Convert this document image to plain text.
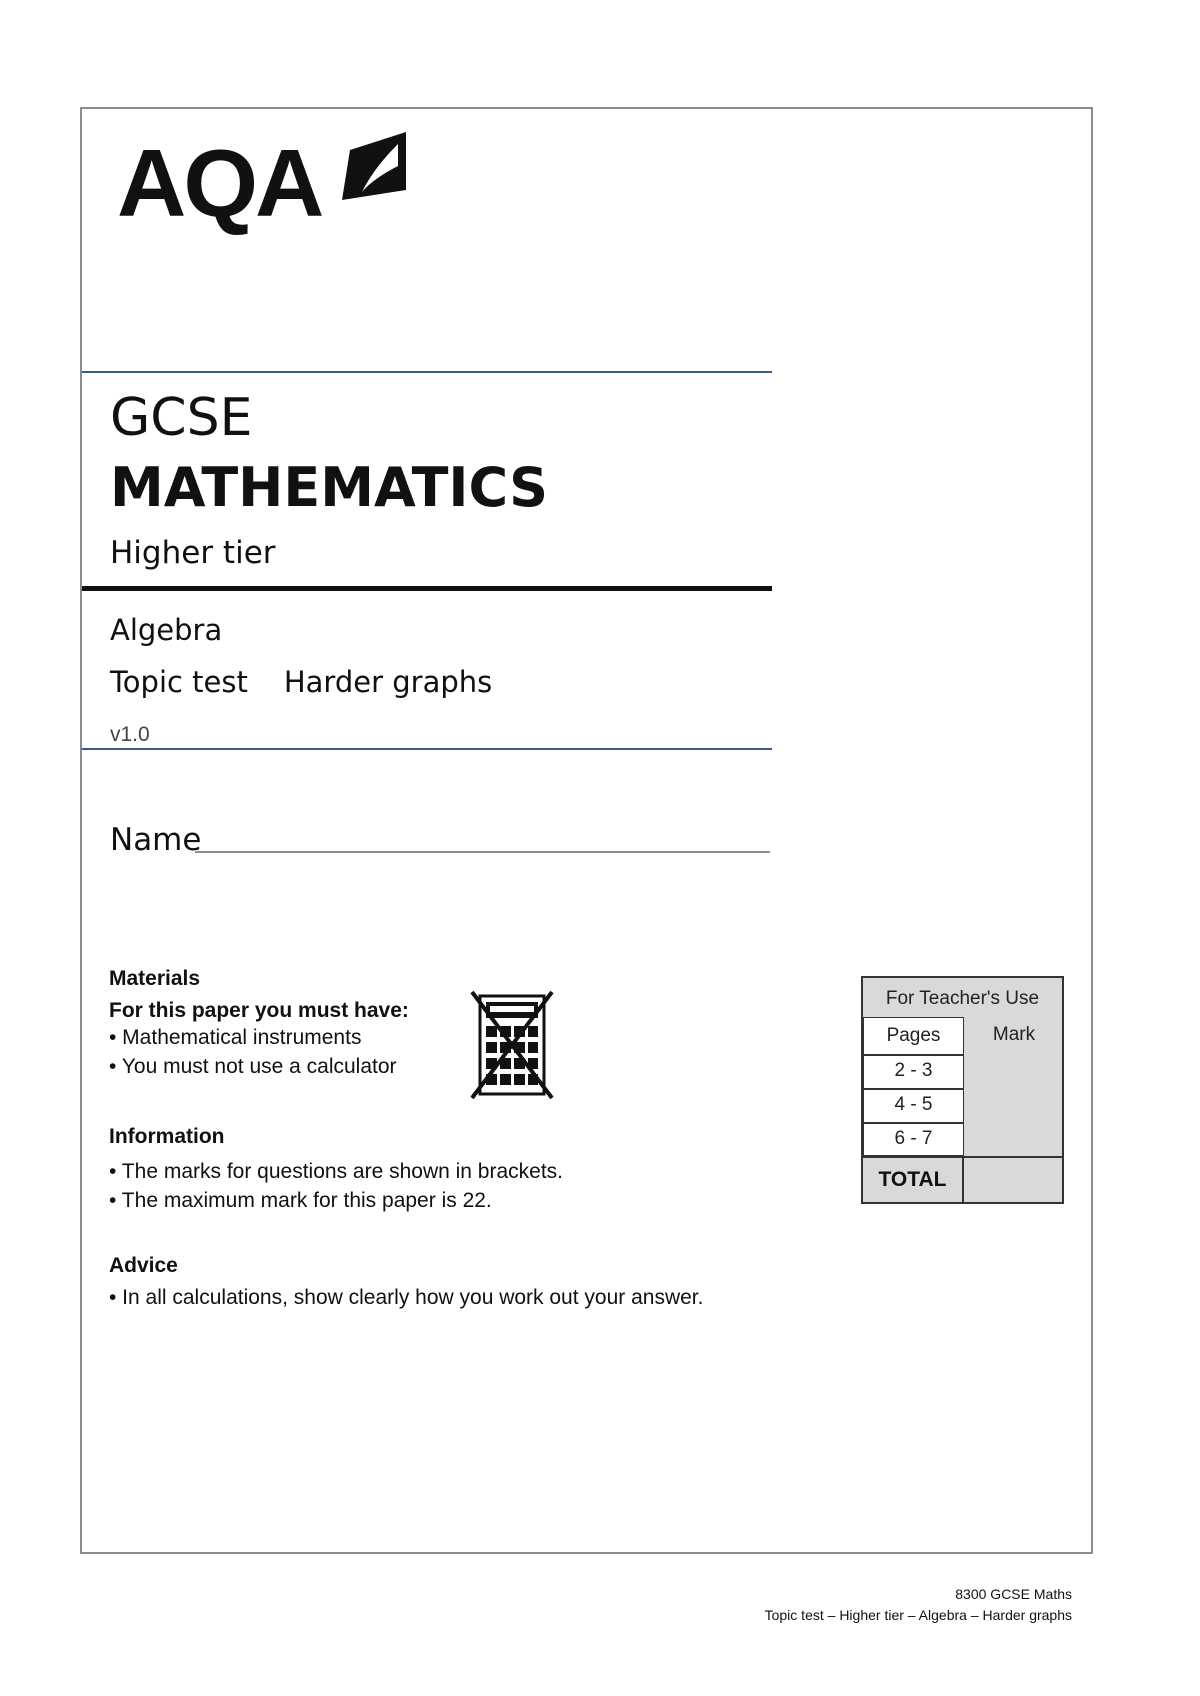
AQA
GCSE
MATHEMATICS
Higher tier
Algebra
Topic test Harder graphs
v1.0
Name
Materials
For this paper you must have:
• Mathematical instruments
• You must not use a calculator
Information
• The marks for questions are shown in brackets.
• The maximum mark for this paper is 22.
Advice
• In all calculations, show clearly how you work out your answer.
For Teacher's Use
Pages	Mark
2 - 3
4 - 5
6 - 7
TOTAL
8300 GCSE Maths
Topic test – Higher tier – Algebra – Harder graphs
